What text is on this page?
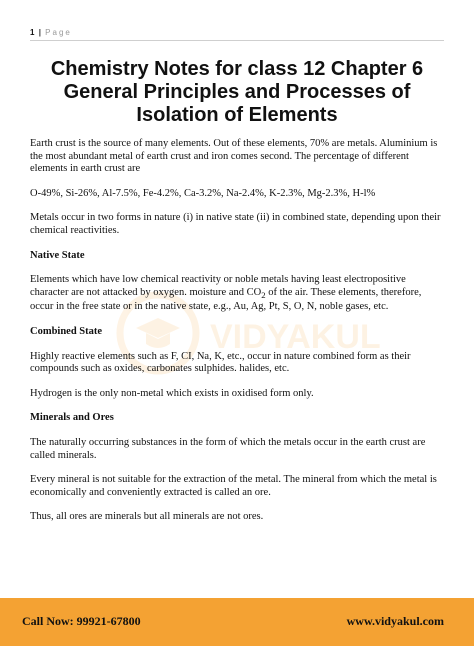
1 | Page
Chemistry Notes for class 12 Chapter 6
General Principles and Processes of
Isolation of Elements
VIDYAKUL

Earth crust is the source of many elements. Out of these elements, 70% are metals. Aluminium is the most abundant metal of earth crust and iron comes second. The percentage of different elements in earth crust are

O-49%, Si-26%, Al-7.5%, Fe-4.2%, Ca-3.2%, Na-2.4%, K-2.3%, Mg-2.3%, H-l%

Metals occur in two forms in nature (i) in native state (ii) in combined state, depending upon their chemical reactivities.

Native State

Elements which have low chemical reactivity or noble metals having least electropositive character are not attacked by oxygen. moisture and $CO_2$ of the air. These elements, therefore, occur in the free state or in the native state, e.g., Au, Ag, Pt, S, O, N, noble gases, etc.

Combined State

Highly reactive elements such as F, CI, Na, K, etc., occur in nature combined form as their compounds such as oxides, carbonates sulphides. halides, etc.

Hydrogen is the only non-metal which exists in oxidised form only.

Minerals and Ores

The naturally occurring substances in the form of which the metals occur in the earth crust are called minerals.

Every mineral is not suitable for the extraction of the metal. The mineral from which the metal is economically and conveniently extracted is called an ore.

Thus, all ores are minerals but all minerals are not ores.

Call Now: 99921-67800	www.vidyakul.com
